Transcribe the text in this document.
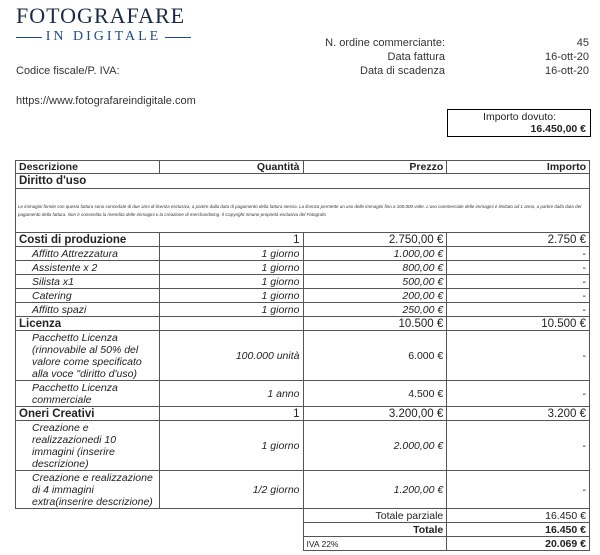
FOTOGRAFARE
IN DIGITALE
Codice fiscale/P. IVA:
https://www.fotografareindigitale.com
N. ordine commerciante:	45
Data fattura	16-ott-20
Data di scadenza	16-ott-20
Importo dovuto:
16.450,00 €
Descrizione	Quantità	Prezzo	Importo
Diritto d'uso			
Le immagini fornite con questa fattura sono concedate di due anni di licenza esclusiva, a partire dalla data di pagamento della fattura stessa. La licenza permette un uso delle immagini fino a 100.000 volte. L'uso commerciale delle immagini è limitato ad 1 anno, a partire dalla data del pagamento della fattura. Non è consentita la rivendita delle immagini o la creazione di merchandising. Il Copyright rimane proprietà esclusiva del Fotografo			
Costi di produzione	1	2.750,00 €	2.750 €
Affitto Attrezzatura	1 giorno	1.000,00 €	-
Assistente x 2	1 giorno	800,00 €	-
Silista x1	1 giorno	500,00 €	-
Catering	1 giorno	200,00 €	-
Affitto spazi	1 giorno	250,00 €	-
Licenza		10.500 €	10.500 €
Pacchetto Licenza (rinnovabile al 50% del valore come specificato alla voce "diritto d'uso)	100.000 unità	6.000 €	-
Pacchetto Licenza commerciale	1 anno	4.500 €	-
Oneri Creativi	1	3.200,00 €	3.200 €
Creazione e realizzazionedi 10 immagini (inserire descrizione)	1 giorno	2.000,00 €	-
Creazione e realizzazione di 4 immagini extra(inserire descrizione)	1/2 giorno	1.200,00 €	-
		Totale parziale	16.450 €
		Totale	16.450 €
		IVA 22%	20.069 €
